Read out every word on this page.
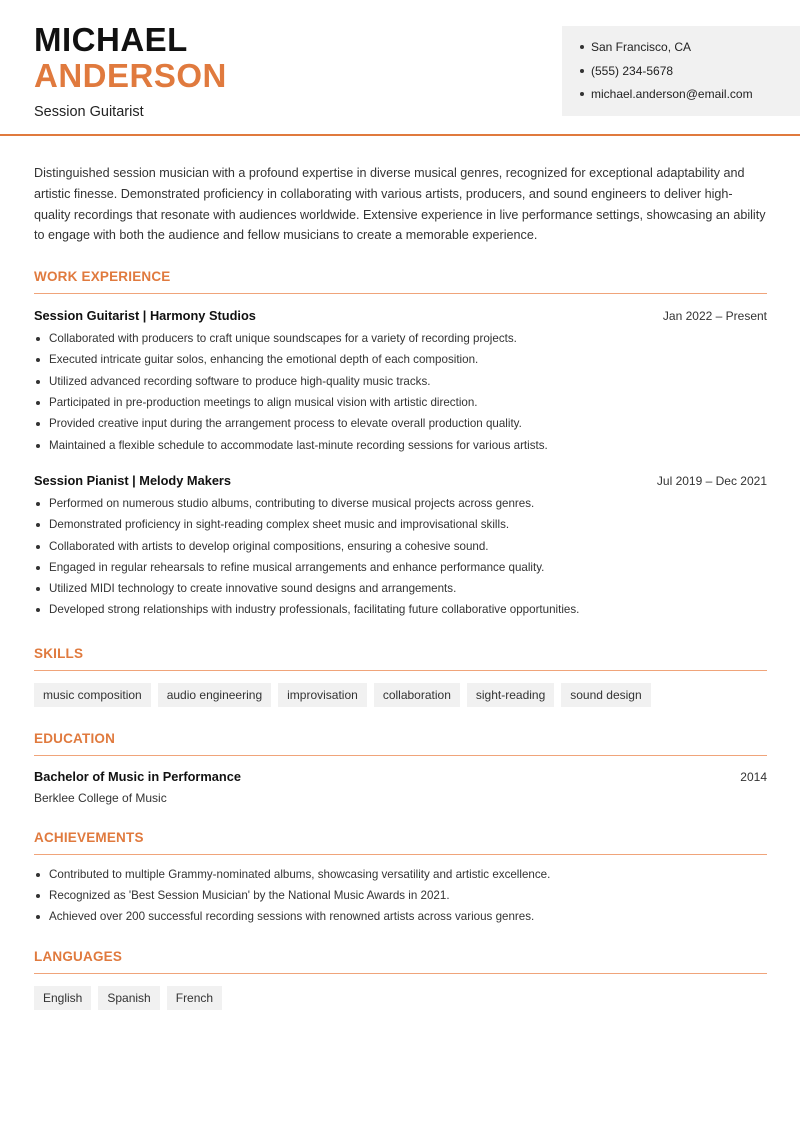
MICHAEL
ANDERSON
Session Guitarist
San Francisco, CA
(555) 234-5678
michael.anderson@email.com
Distinguished session musician with a profound expertise in diverse musical genres, recognized for exceptional adaptability and artistic finesse. Demonstrated proficiency in collaborating with various artists, producers, and sound engineers to deliver high-quality recordings that resonate with audiences worldwide. Extensive experience in live performance settings, showcasing an ability to engage with both the audience and fellow musicians to create a memorable experience.
WORK EXPERIENCE
Session Guitarist | Harmony Studios	Jan 2022 – Present
Collaborated with producers to craft unique soundscapes for a variety of recording projects.
Executed intricate guitar solos, enhancing the emotional depth of each composition.
Utilized advanced recording software to produce high-quality music tracks.
Participated in pre-production meetings to align musical vision with artistic direction.
Provided creative input during the arrangement process to elevate overall production quality.
Maintained a flexible schedule to accommodate last-minute recording sessions for various artists.
Session Pianist | Melody Makers	Jul 2019 – Dec 2021
Performed on numerous studio albums, contributing to diverse musical projects across genres.
Demonstrated proficiency in sight-reading complex sheet music and improvisational skills.
Collaborated with artists to develop original compositions, ensuring a cohesive sound.
Engaged in regular rehearsals to refine musical arrangements and enhance performance quality.
Utilized MIDI technology to create innovative sound designs and arrangements.
Developed strong relationships with industry professionals, facilitating future collaborative opportunities.
SKILLS
music composition	audio engineering	improvisation	collaboration	sight-reading	sound design
EDUCATION
Bachelor of Music in Performance	2014
Berklee College of Music
ACHIEVEMENTS
Contributed to multiple Grammy-nominated albums, showcasing versatility and artistic excellence.
Recognized as 'Best Session Musician' by the National Music Awards in 2021.
Achieved over 200 successful recording sessions with renowned artists across various genres.
LANGUAGES
English	Spanish	French
